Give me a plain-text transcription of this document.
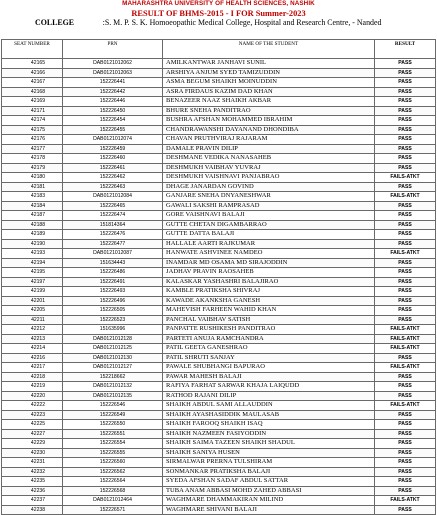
MAHARASHTRA UNIVERSITY OF HEALTH SCIENCES, NASHIK
RESULT OF BHMS-2015 - I FOR Summer-2023
COLLEGE	:S. M. P. S. K. Homoeopathic Medical College, Hospital and Research Centre, - Nanded
SEAT NUMBER	PRN	NAME OF THE STUDENT	RESULT
42165	DAB0121012062	AMILKANTWAR JANHAVI SUNIL	PASS
42166	DAB0121012063	ARSHIYA ANJUM SYED TAMIZUDDIN	PASS
42167	152226441	ASMA BEGUM SHAIKH MOINUDDIN	PASS
42168	152226442	ASRA FIRDAUS KAZIM DAD KHAN	PASS
42169	152226446	BENAZEER NAAZ SHAIKH AKBAR	PASS
42171	152226450	BHURE SNEHA PANDITRAO	PASS
42174	152226454	BUSHRA AFSHAN MOHAMMED IBRAHIM	PASS
42175	152226455	CHANDRAWANSHI DAYANAND DHONDIBA	PASS
42176	DAB0121012074	CHAVAN PRUTHVIRAJ RAJARAM	PASS
42177	152226459	DAMALE PRAVIN DILIP	PASS
42178	152226460	DESHMANE VEDIKA NANASAHEB	PASS
42179	152226461	DESHMUKH VAIBHAV YUVRAJ	PASS
42180	152226462	DESHMUKH VAISHNAVI PANJABRAO	FAILS-ATKT
42181	152226463	DHAGE JANARDAN GOVIND	PASS
42183	DAB0121012084	GANJARE SNEHA DNYANESHWAR	FAILS-ATKT
42184	152226465	GAWALI SAKSHI RAMPRASAD	PASS
42187	152226474	GORE VAISHNAVI BALAJI	PASS
42188	151814364	GUTTE CHETAN DIGAMBARRAO	PASS
42189	152226476	GUTTE DATTA BALAJI	PASS
42190	152226477	HALLALE AARTI RAJKUMAR	PASS
42193	DAB0121012087	HANWATE ASHVINEE NAMDEO	FAILS-ATKT
42194	151634443	INAMDAR MD OSAMA MD SIRAJODDIN	PASS
42195	152226486	JADHAV PRAVIN RAOSAHEB	PASS
42197	152226491	KALASKAR YASHASHRI BALAJIRAO	PASS
42199	152226493	KAMBLE PRATIKSHA SHIVRAJ	PASS
42201	152226496	KAWADE AKANKSHA GANESH	PASS
42205	152226505	MAHEVISH FARHEEN WAHID KHAN	PASS
42211	152226523	PANCHAL VAIBHAV SATISH	PASS
42212	151635996	PANPATTE RUSHIKESH PANDITRAO	FAILS-ATKT
42213	DAB0121012128	PARTETI ANUJA RAMCHANDRA	FAILS-ATKT
42214	DAB0121012125	PATIL GEETA GANESHRAO	FAILS-ATKT
42216	DAB0121012130	PATIL SHRUTI SANJAY	PASS
42217	DAB0121012127	PAWALE SHUBHANGI BAPURAO	FAILS-ATKT
42218	152218662	PAWAR MAHESH BALAJI	PASS
42219	DAB0121012132	RAFIYA FARHAT SARWAR KHAJA LAIQUDD	PASS
42220	DAB0121012135	RATHOD RAJANI DILIP	PASS
42222	152226546	SHAIKH ABDUL SAMI ALLAUDDIN	FAILS-ATKT
42223	152226549	SHAIKH AYASHASIDDIK MAULASAB	PASS
42225	152226550	SHAIKH FAROOQ SHAIKH ISAQ	PASS
42227	152226551	SHAIKH NAZMEEN FASIYODDIN	PASS
42229	152226554	SHAIKH SAIMA TAZEEN SHAIKH SHADUL	PASS
42230	152226555	SHAIKH SANIYA HUSEN	PASS
42231	152226560	SIRMALWAR PRERNA TULSHIRAM	PASS
42232	152226562	SONMANKAR PRATIKSHA BALAJI	PASS
42235	152226564	SYEDA AFSHAN SADAF ABDUL SATTAR	PASS
42236	152226568	TUBA ANAM ABBASI MOHD ZAHED ABBASI	PASS
42237	DAB0121012464	WAGHMARE DHAMMAKIRAN MILIND	FAILS-ATKT
42238	152226571	WAGHMARE SHIVANI BALAJI	PASS
